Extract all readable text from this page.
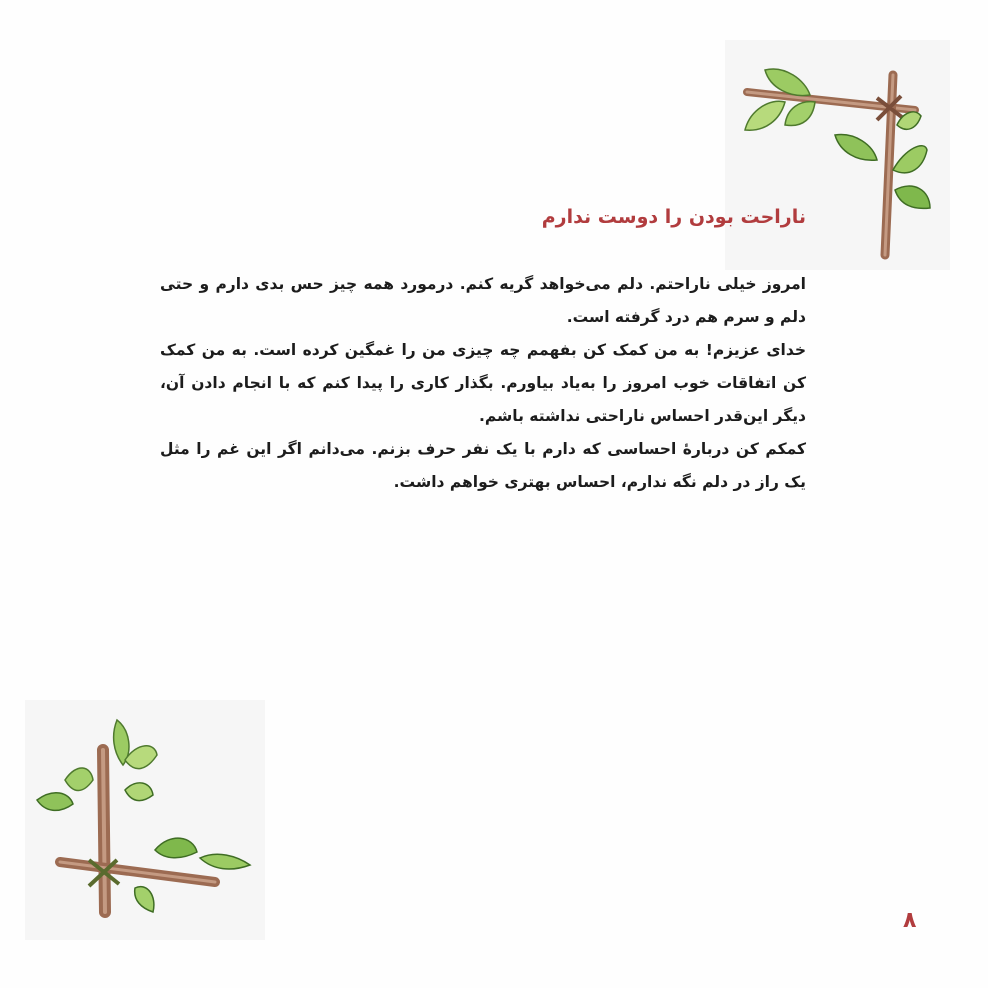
ناراحت بودن را دوست ندارم

امروز خیلی ناراحتم. دلم می‌خواهد گریه کنم. درمورد همه چیز حس بدی دارم و حتی دلم و سرم هم درد گرفته است.

خدای عزیزم! به من کمک کن بفهمم چه چیزی من را غمگین کرده است. به من کمک کن اتفاقات خوب امروز را به‌یاد بیاورم. بگذار کاری را پیدا کنم که با انجام دادن آن، دیگر این‌قدر احساس ناراحتی نداشته باشم.

کمکم کن دربارهٔ احساسی که دارم با یک نفر حرف بزنم. می‌دانم اگر این غم را مثل یک راز در دلم نگه ندارم، احساس بهتری خواهم داشت.

۸
